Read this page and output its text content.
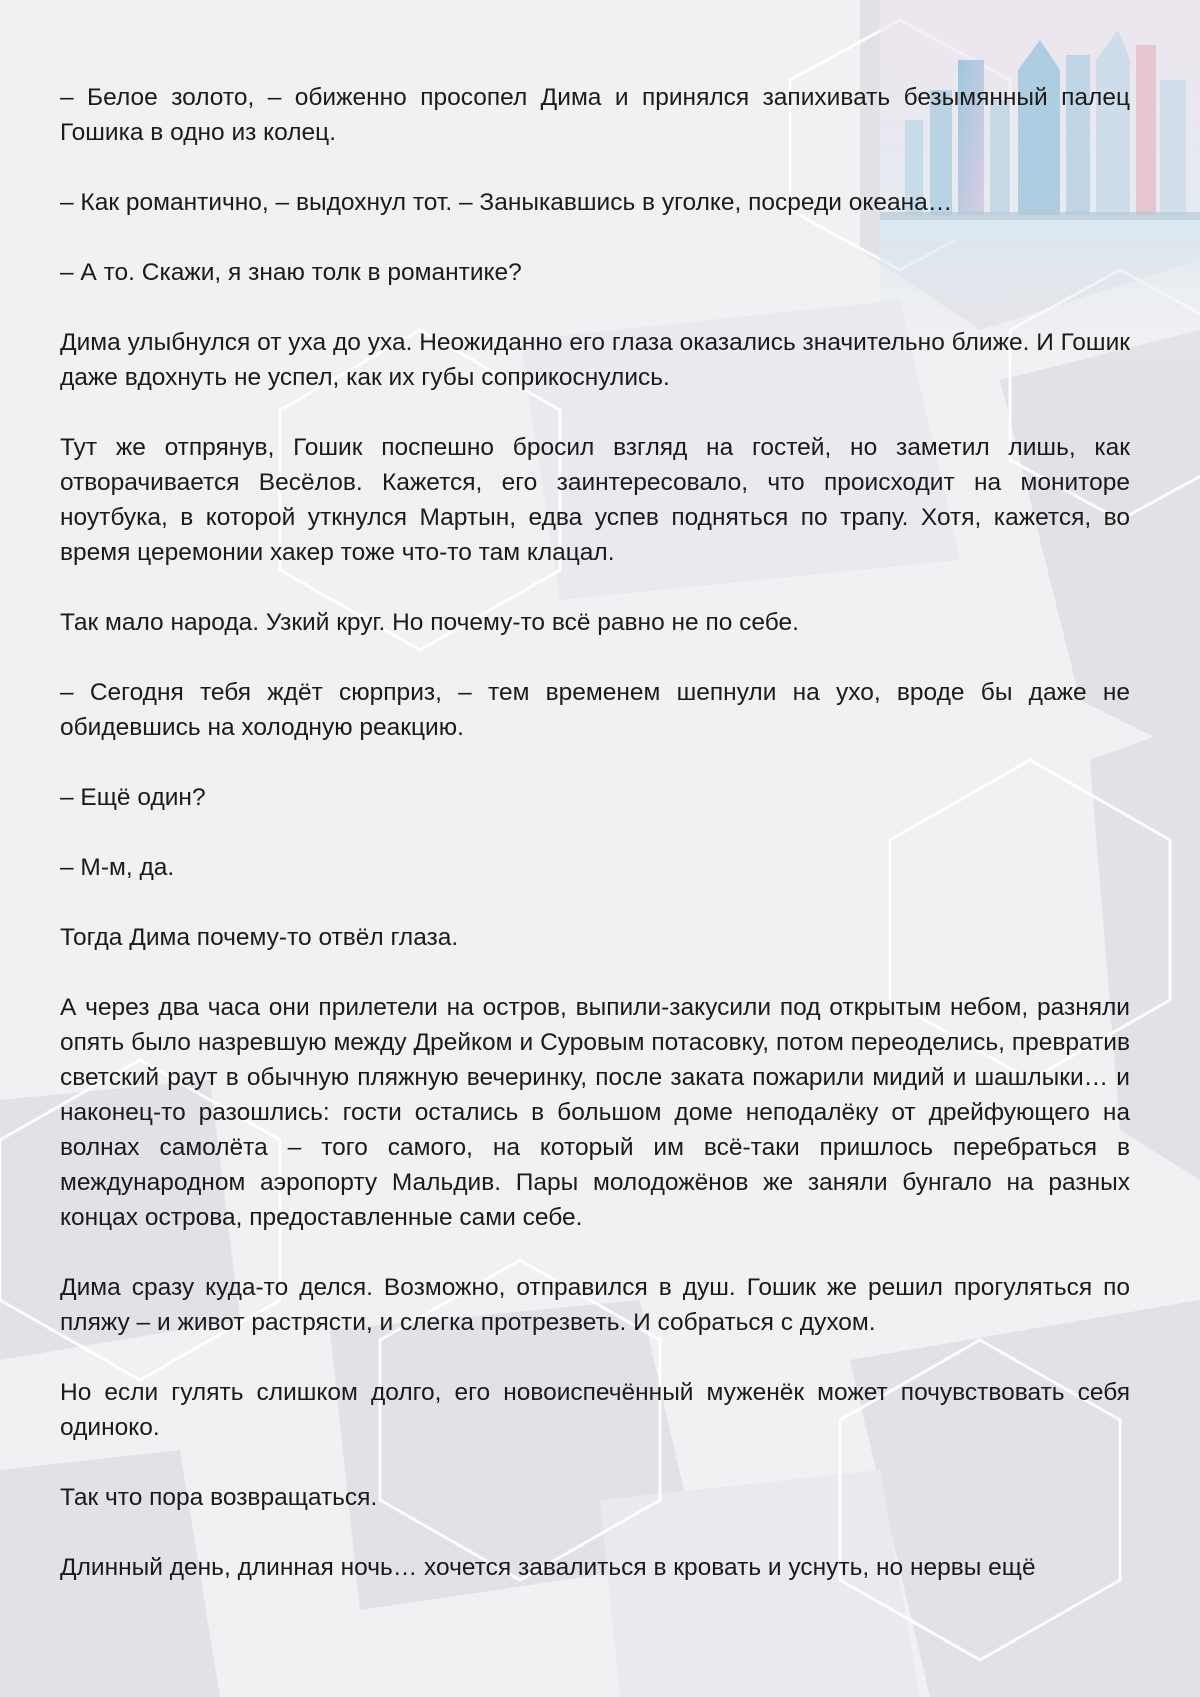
– Белое золото, – обиженно просопел Дима и принялся запихивать безымянный палец Гошика в одно из колец.

– Как романтично, – выдохнул тот. – Заныкавшись в уголке, посреди океана…

– А то. Скажи, я знаю толк в романтике?

Дима улыбнулся от уха до уха. Неожиданно его глаза оказались значительно ближе. И Гошик даже вдохнуть не успел, как их губы соприкоснулись.

Тут же отпрянув, Гошик поспешно бросил взгляд на гостей, но заметил лишь, как отворачивается Весёлов. Кажется, его заинтересовало, что происходит на мониторе ноутбука, в которой уткнулся Мартын, едва успев подняться по трапу. Хотя, кажется, во время церемонии хакер тоже что-то там клацал.

Так мало народа. Узкий круг. Но почему-то всё равно не по себе.

– Сегодня тебя ждёт сюрприз, – тем временем шепнули на ухо, вроде бы даже не обидевшись на холодную реакцию.

– Ещё один?

– М-м, да.

Тогда Дима почему-то отвёл глаза.

А через два часа они прилетели на остров, выпили-закусили под открытым небом, разняли опять было назревшую между Дрейком и Суровым потасовку, потом переоделись, превратив светский раут в обычную пляжную вечеринку, после заката пожарили мидий и шашлыки… и наконец-то разошлись: гости остались в большом доме неподалёку от дрейфующего на волнах самолёта – того самого, на который им всё-таки пришлось перебраться в международном аэропорту Мальдив. Пары молодожёнов же заняли бунгало на разных концах острова, предоставленные сами себе.

Дима сразу куда-то делся. Возможно, отправился в душ. Гошик же решил прогуляться по пляжу – и живот растрясти, и слегка протрезветь. И собраться с духом.

Но если гулять слишком долго, его новоиспечённый муженёк может почувствовать себя одиноко.

Так что пора возвращаться.

Длинный день, длинная ночь… хочется завалиться в кровать и уснуть, но нервы ещё
